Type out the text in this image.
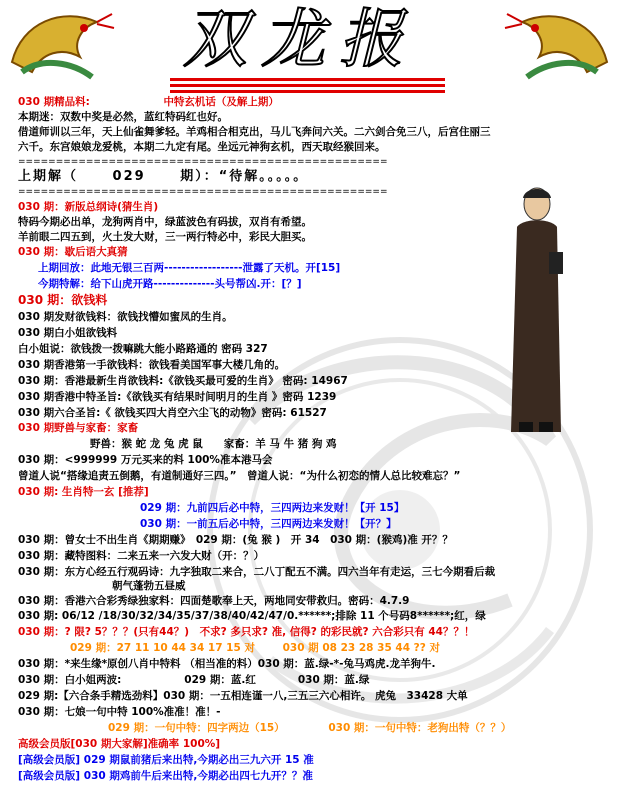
双龙报
030 期精品料:	中特玄机话（及解上期）
本期迷：双数中奖是必然，蓝红特码红也好。
借道师训以三年，天上仙雀舞爹轻。羊鸡相合相克出，马儿飞奔问六关。二六剑合免三八，后宫住丽三
六千。东宫娘娘龙爱桃，本期二九定有尾。坐远元神狗玄机，西天取经猴回来。
=================================================
上期解（	029	期）：“待解。。。。。
=================================================
030 期：新版总纲诗(猜生肖)
特码今期必出单，龙狗两肖中，绿蓝波色有码拔，双肖有希望。
羊前眼二四五到，火土发大财，三一两行特必中，彩民大胆买。
030 期：歇后语大真猜
上期回放：此地无银三百两------------------泄露了天机。开[15]
今期特解：给下山虎开路--------------头号帮凶.开：[？]
030 期：欲钱料
030 期发财欲钱料：欲钱找懵如蜜凤的生肖。
030 期白小姐欲钱料
白小姐说：欲钱拨一拨嘛跳大能小路路通的 密码 327
030 期香港第一手欲钱料：欲钱看美国军事大楼几角的。
030 期：香港最新生肖欲钱料:《欲钱买最可爱的生肖》 密码: 14967
030 期香港中特圣旨:《欲钱买有结果时间明月的生肖 》密码 1239
030 期六合圣旨:《 欲钱买四大肖空六尘飞的动物》密码: 61527
030 期野兽与家畜：家畜
野兽：猴 蛇 龙 兔 虎 鼠　　家畜：羊 马 牛 猪 狗 鸡
030 期：<999999 万元买来的料 100%准本港马会
曾道人说“搭缘追责五倒鹅，有道制通好三四。”　曾道人说：“为什么初恋的情人总比较难忘？”
030 期: 生肖特一玄 [推荐]
029 期：九前四后必中特，三四两边来发财！【开 15】
030 期：一前五后必中特，三四两边来发财！【开？】
030 期：曾女士不出生肖《期期赚》　029 期：(兔 猴 )　开 34　030 期：(猴鸡)准 开？？
030 期：藏特图料：二来五来一六发大财（开：？）
030 期：东方心经五行观码诗：九字独取二来合，二八丁配五不满。四六当年有走运，三七今期看后裁
朝气蓬勃五昼威
030 期：香港六合彩秀绿独家料：四面楚歌奉上天，两地同安带救归。密码：4.7.9
030 期: 06/12 /18/30/32/34/35/37/38/40/42/47/0.******;排除 11 个号码8******;红，绿
030 期：? 限? 5？？？(只有44？)　不求? 多只求? 准, 信得? 的彩民就? 六合彩只有 44？？！
029 期：27 11 10 44 34 17 15 对	030 期 08 23 28 35 44 ?? 对
030 期：*来生缘*原创八肖中特料 （相当准的料）030 期：蓝.绿-*-兔马鸡虎.龙羊狗牛.
030 期：白小姐两波:　　　　　　029 期：蓝.红　　　　030 期：蓝.绿
029 期:【六合条手精选劲料】030 期：一五相连谨一八,三五三六心相许。 虎兔　33428 大单
030 期：七娘一句中特 100%准准！准！-
029 期：一句中特：四字两边（15）	030 期：一句中特：老狗出特（？？）
高级会员版[030 期大家解]准确率 100%]
[高级会员版] 029 期鼠前猪后来出特,今期必出三九六开 15 准
[高级会员版] 030 期鸡前牛后来出特,今期必出四七九开？？准
